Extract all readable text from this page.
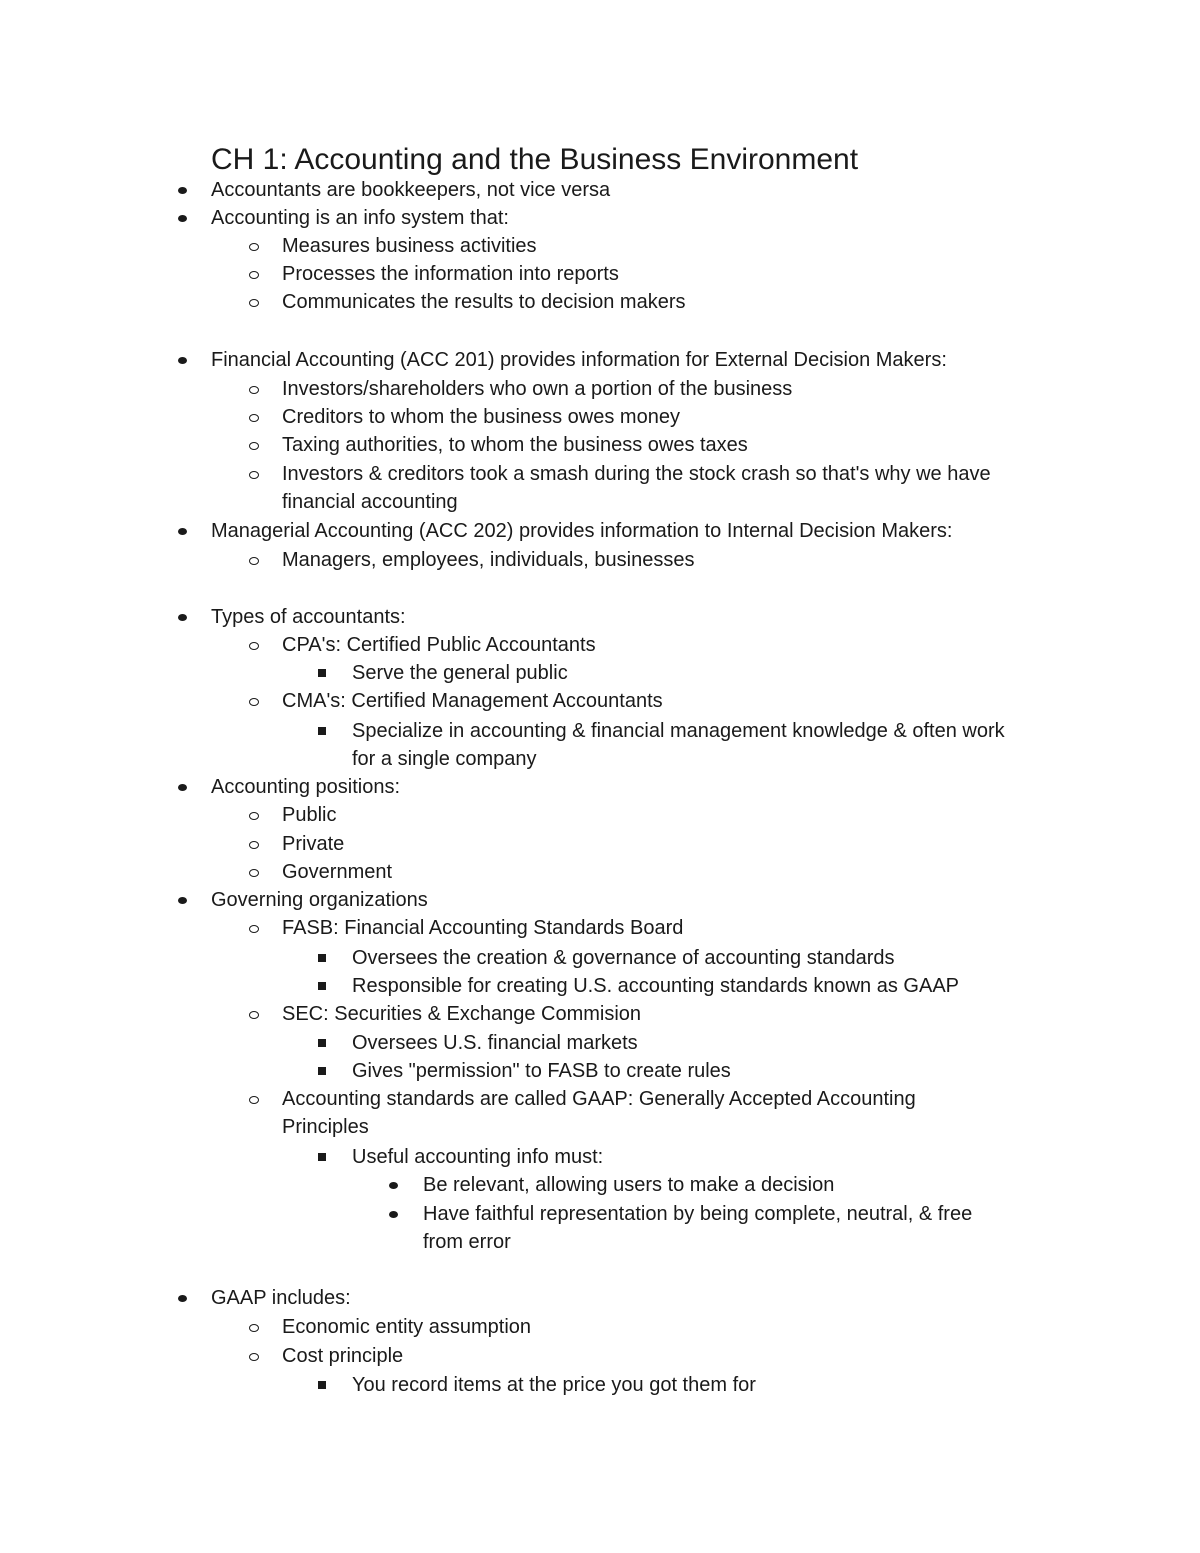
CH 1: Accounting and the Business Environment
Accountants are bookkeepers, not vice versa
Accounting is an info system that:
Measures business activities
Processes the information into reports
Communicates the results to decision makers
Financial Accounting (ACC 201) provides information for External Decision Makers:
Investors/shareholders who own a portion of the business
Creditors to whom the business owes money
Taxing authorities, to whom the business owes taxes
Investors & creditors took a smash during the stock crash so that's why we have
financial accounting
Managerial Accounting (ACC 202) provides information to Internal Decision Makers:
Managers, employees, individuals, businesses
Types of accountants:
CPA's: Certified Public Accountants
Serve the general public
CMA's: Certified Management Accountants
Specialize in accounting & financial management knowledge & often work
for a single company
Accounting positions:
Public
Private
Government
Governing organizations
FASB: Financial Accounting Standards Board
Oversees the creation & governance of accounting standards
Responsible for creating U.S. accounting standards known as GAAP
SEC: Securities & Exchange Commision
Oversees U.S. financial markets
Gives "permission" to FASB to create rules
Accounting standards are called GAAP: Generally Accepted Accounting
Principles
Useful accounting info must:
Be relevant, allowing users to make a decision
Have faithful representation by being complete, neutral, & free
from error
GAAP includes:
Economic entity assumption
Cost principle
You record items at the price you got them for
